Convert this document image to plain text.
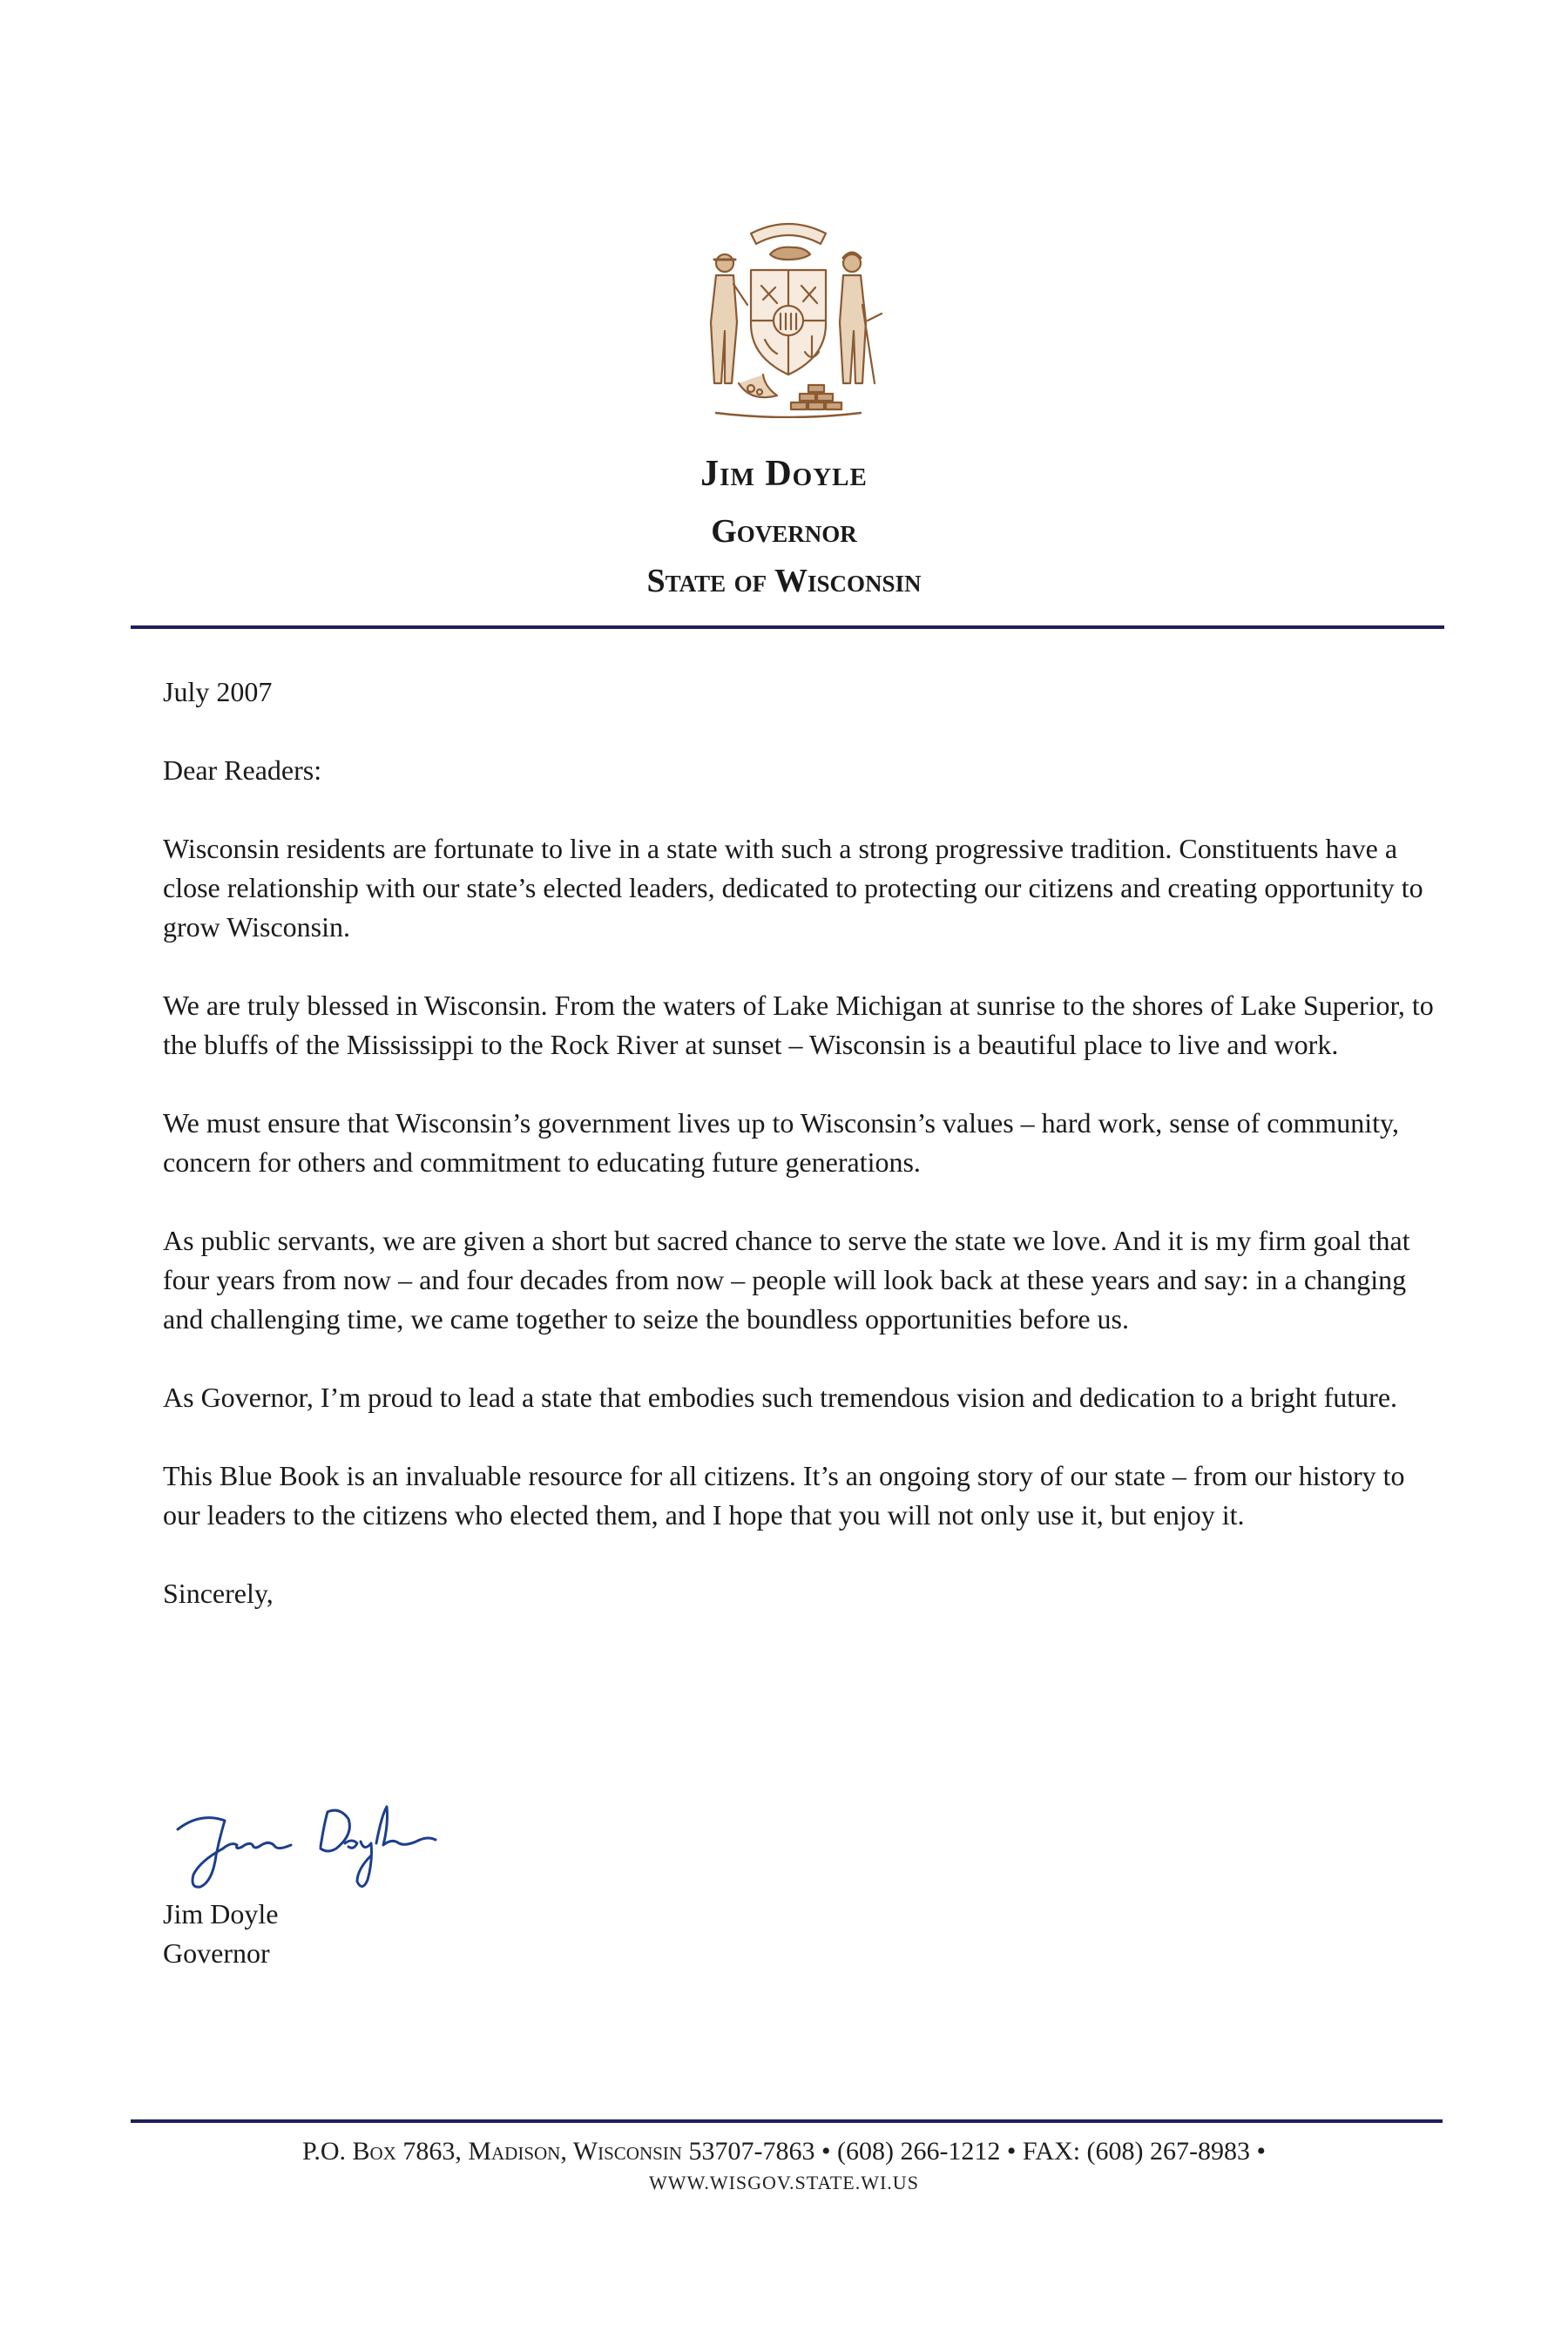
Jim Doyle
Governor
State of Wisconsin

July 2007

Dear Readers:

Wisconsin residents are fortunate to live in a state with such a strong progressive tradition. Constituents have a close relationship with our state’s elected leaders, dedicated to protecting our citizens and creating opportunity to grow Wisconsin.

We are truly blessed in Wisconsin. From the waters of Lake Michigan at sunrise to the shores of Lake Superior, to the bluffs of the Mississippi to the Rock River at sunset – Wisconsin is a beautiful place to live and work.

We must ensure that Wisconsin’s government lives up to Wisconsin’s values – hard work, sense of community, concern for others and commitment to educating future generations.

As public servants, we are given a short but sacred chance to serve the state we love. And it is my firm goal that four years from now – and four decades from now – people will look back at these years and say: in a changing and challenging time, we came together to seize the boundless opportunities before us.

As Governor, I’m proud to lead a state that embodies such tremendous vision and dedication to a bright future.

This Blue Book is an invaluable resource for all citizens. It’s an ongoing story of our state – from our history to our leaders to the citizens who elected them, and I hope that you will not only use it, but enjoy it.

Sincerely,

Jim Doyle
Governor
P.O. Box 7863, Madison, Wisconsin 53707-7863 • (608) 266-1212 • FAX: (608) 267-8983 •
WWW.WISGOV.STATE.WI.US
